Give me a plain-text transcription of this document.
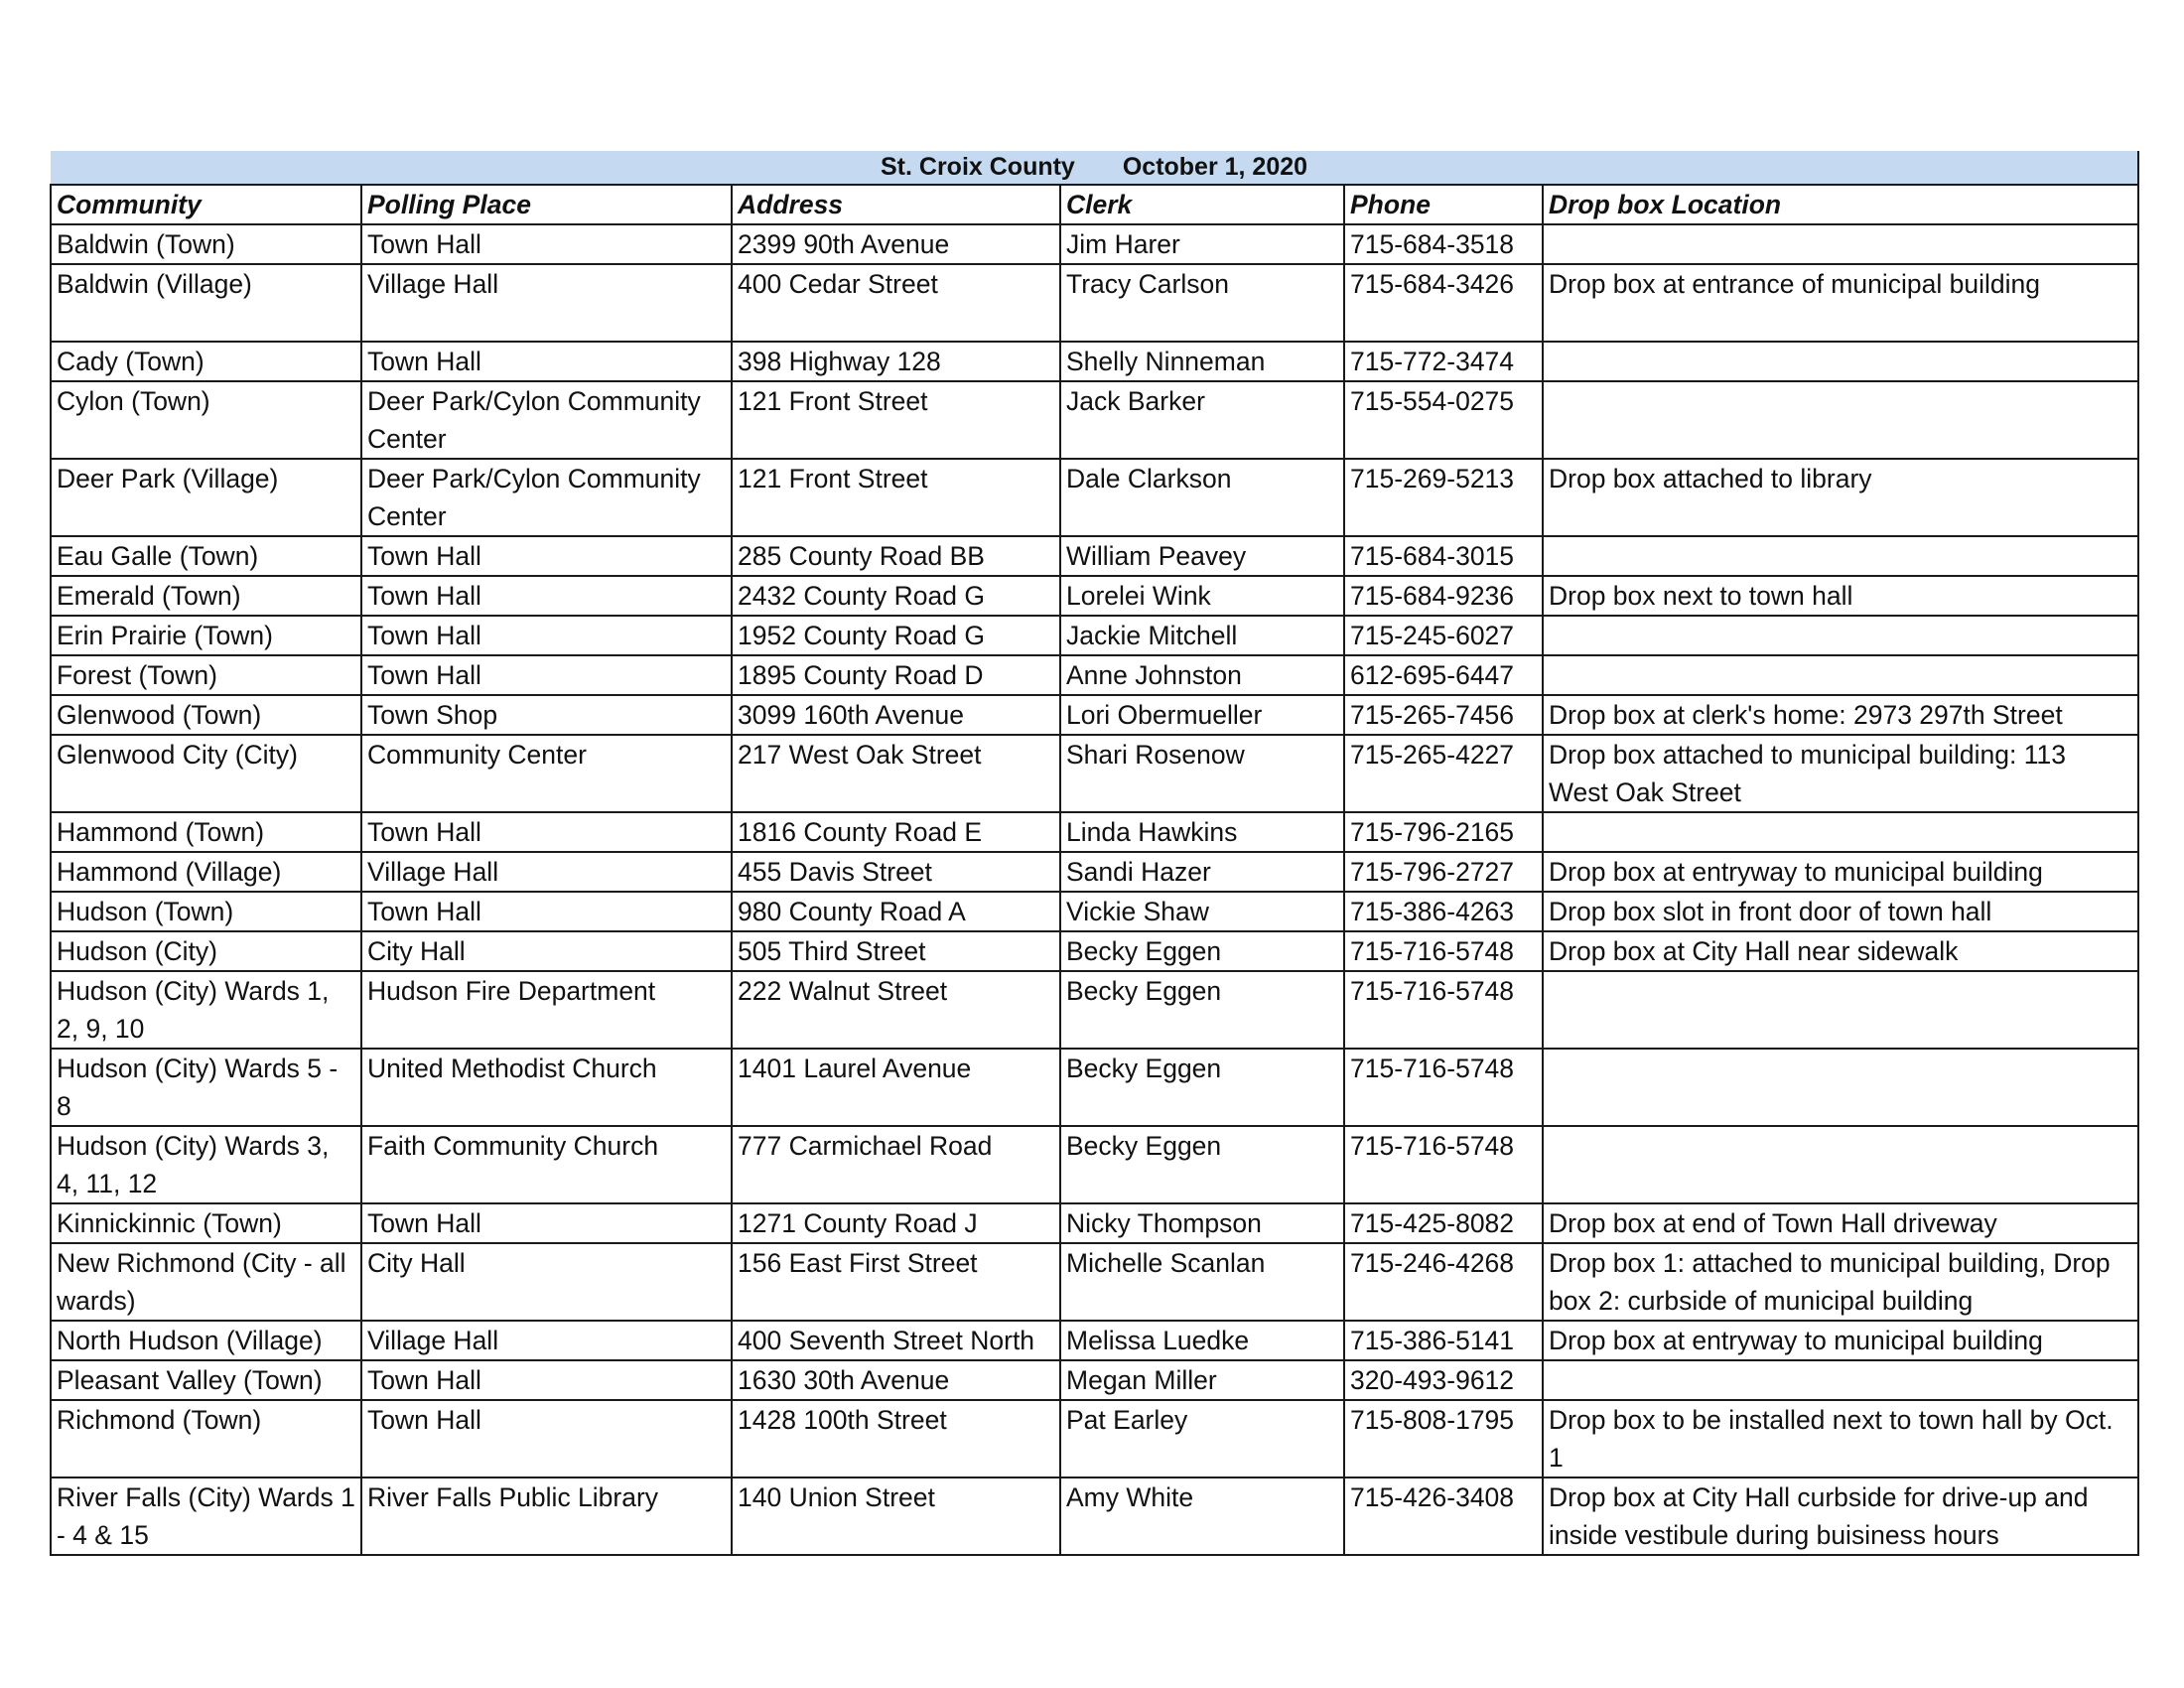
St. Croix County October 1, 2020					
Community	Polling Place	Address	Clerk	Phone	Drop box Location
Baldwin (Town)	Town Hall	2399 90th Avenue	Jim Harer	715-684-3518	
Baldwin (Village)	Village Hall	400 Cedar Street	Tracy Carlson	715-684-3426	Drop box at entrance of municipal building
Cady (Town)	Town Hall	398 Highway 128	Shelly Ninneman	715-772-3474	
Cylon (Town)	Deer Park/Cylon Community Center	121 Front Street	Jack Barker	715-554-0275	
Deer Park (Village)	Deer Park/Cylon Community Center	121 Front Street	Dale Clarkson	715-269-5213	Drop box attached to library
Eau Galle (Town)	Town Hall	285 County Road BB	William Peavey	715-684-3015	
Emerald (Town)	Town Hall	2432 County Road G	Lorelei Wink	715-684-9236	Drop box next to town hall
Erin Prairie (Town)	Town Hall	1952 County Road G	Jackie Mitchell	715-245-6027	
Forest (Town)	Town Hall	1895 County Road D	Anne Johnston	612-695-6447	
Glenwood (Town)	Town Shop	3099 160th Avenue	Lori Obermueller	715-265-7456	Drop box at clerk's home: 2973 297th Street
Glenwood City (City)	Community Center	217 West Oak Street	Shari Rosenow	715-265-4227	Drop box attached to municipal building: 113 West Oak Street
Hammond (Town)	Town Hall	1816 County Road E	Linda Hawkins	715-796-2165	
Hammond (Village)	Village Hall	455 Davis Street	Sandi Hazer	715-796-2727	Drop box at entryway to municipal building
Hudson (Town)	Town Hall	980 County Road A	Vickie Shaw	715-386-4263	Drop box slot in front door of town hall
Hudson (City)	City Hall	505 Third Street	Becky Eggen	715-716-5748	Drop box at City Hall near sidewalk
Hudson (City) Wards 1, 2, 9, 10	Hudson Fire Department	222 Walnut Street	Becky Eggen	715-716-5748	
Hudson (City) Wards 5 - 8	United Methodist Church	1401 Laurel Avenue	Becky Eggen	715-716-5748	
Hudson (City) Wards 3, 4, 11, 12	Faith Community Church	777 Carmichael Road	Becky Eggen	715-716-5748	
Kinnickinnic (Town)	Town Hall	1271 County Road J	Nicky Thompson	715-425-8082	Drop box at end of Town Hall driveway
New Richmond (City - all wards)	City Hall	156 East First Street	Michelle Scanlan	715-246-4268	Drop box 1: attached to municipal building, Drop box 2: curbside of municipal building
North Hudson (Village)	Village Hall	400 Seventh Street North	Melissa Luedke	715-386-5141	Drop box at entryway to municipal building
Pleasant Valley (Town)	Town Hall	1630 30th Avenue	Megan Miller	320-493-9612	
Richmond (Town)	Town Hall	1428 100th Street	Pat Earley	715-808-1795	Drop box to be installed next to town hall by Oct. 1
River Falls (City) Wards 1 - 4 & 15	River Falls Public Library	140 Union Street	Amy White	715-426-3408	Drop box at City Hall curbside for drive-up and inside vestibule during buisiness hours
